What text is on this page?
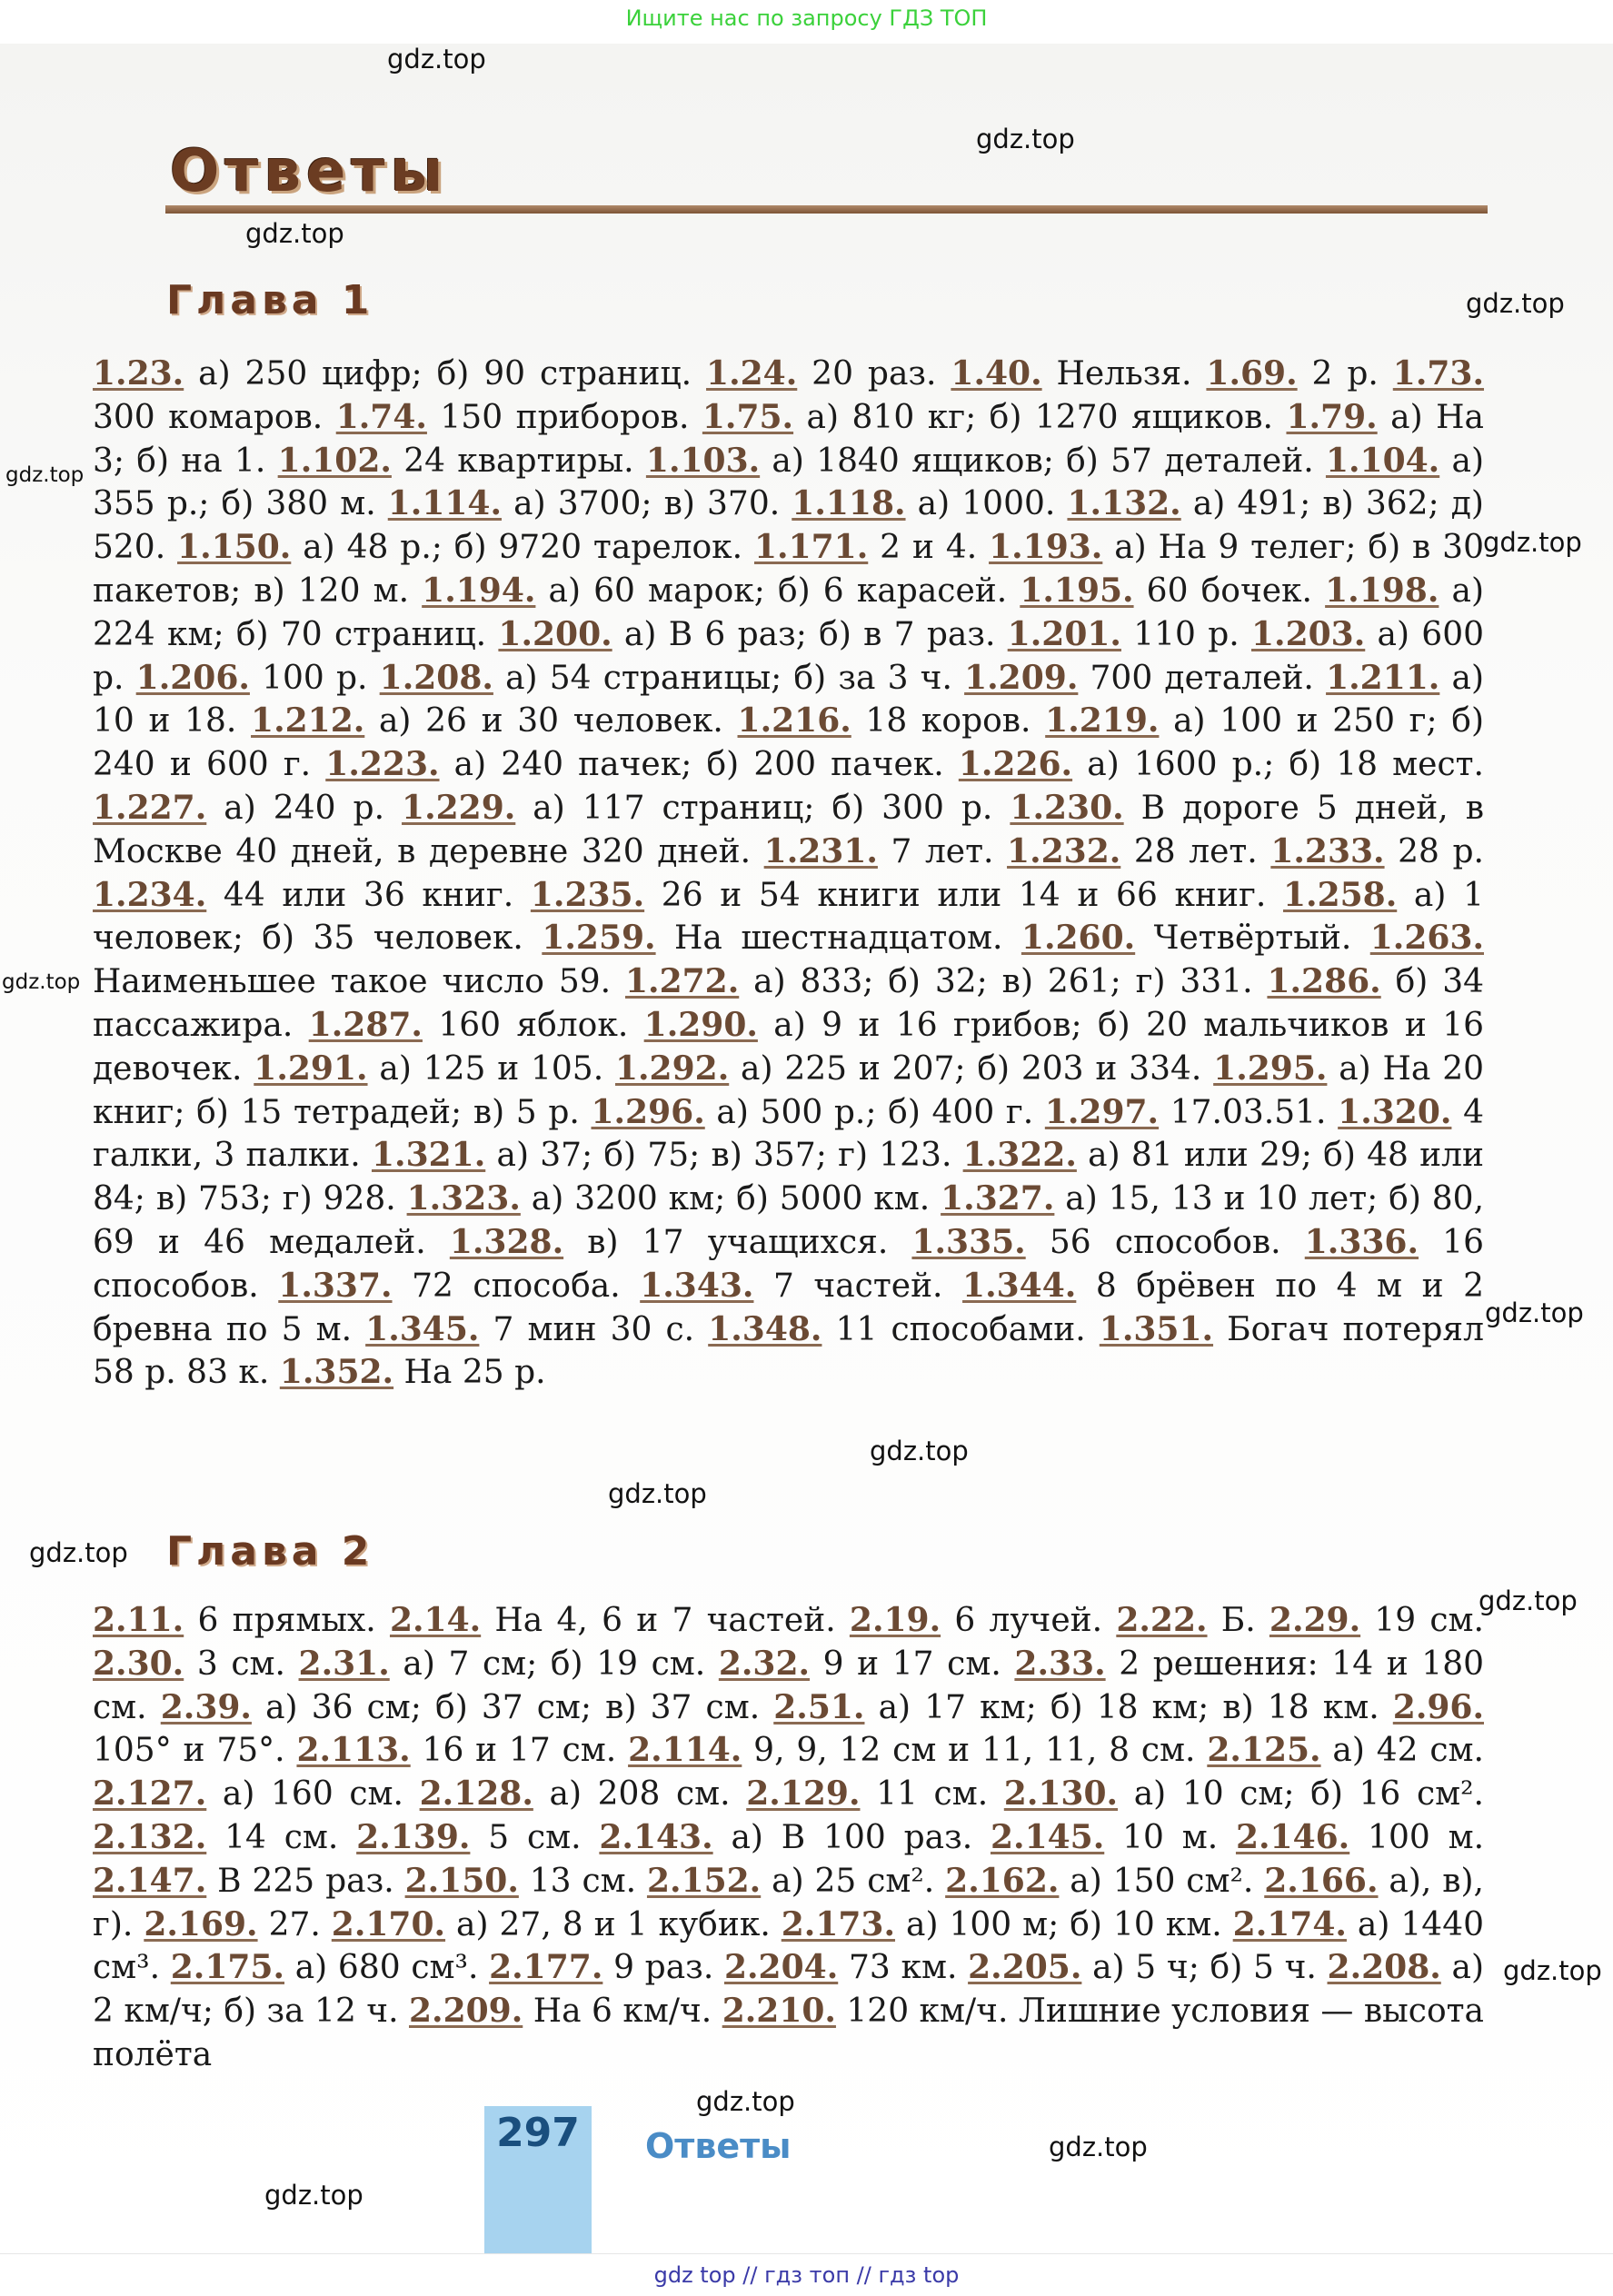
Ищите нас по запросу ГДЗ ТОП
Ответы
Глава 1
1.23. а) 250 цифр; б) 90 страниц. 1.24. 20 раз. 1.40. Нельзя. 1.69. 2 р. 1.73. 300 комаров. 1.74. 150 приборов. 1.75. а) 810 кг; б) 1270 ящиков. 1.79. а) На 3; б) на 1. 1.102. 24 квартиры. 1.103. а) 1840 ящиков; б) 57 деталей. 1.104. а) 355 р.; б) 380 м. 1.114. а) 3700; в) 370. 1.118. а) 1000. 1.132. а) 491; в) 362; д) 520. 1.150. а) 48 р.; б) 9720 тарелок. 1.171. 2 и 4. 1.193. а) На 9 телег; б) в 30 пакетов; в) 120 м. 1.194. а) 60 марок; б) 6 карасей. 1.195. 60 бочек. 1.198. а) 224 км; б) 70 страниц. 1.200. а) В 6 раз; б) в 7 раз. 1.201. 110 р. 1.203. а) 600 р. 1.206. 100 р. 1.208. а) 54 страницы; б) за 3 ч. 1.209. 700 деталей. 1.211. а) 10 и 18. 1.212. а) 26 и 30 человек. 1.216. 18 коров. 1.219. а) 100 и 250 г; б) 240 и 600 г. 1.223. а) 240 пачек; б) 200 пачек. 1.226. а) 1600 р.; б) 18 мест. 1.227. а) 240 р. 1.229. а) 117 страниц; б) 300 р. 1.230. В дороге 5 дней, в Москве 40 дней, в деревне 320 дней. 1.231. 7 лет. 1.232. 28 лет. 1.233. 28 р. 1.234. 44 или 36 книг. 1.235. 26 и 54 книги или 14 и 66 книг. 1.258. а) 1 человек; б) 35 человек. 1.259. На шестнадцатом. 1.260. Четвёртый. 1.263. Наименьшее такое число 59. 1.272. а) 833; б) 32; в) 261; г) 331. 1.286. б) 34 пассажира. 1.287. 160 яблок. 1.290. а) 9 и 16 грибов; б) 20 мальчиков и 16 девочек. 1.291. а) 125 и 105. 1.292. а) 225 и 207; б) 203 и 334. 1.295. а) На 20 книг; б) 15 тетрадей; в) 5 р. 1.296. а) 500 р.; б) 400 г. 1.297. 17.03.51. 1.320. 4 галки, 3 палки. 1.321. а) 37; б) 75; в) 357; г) 123. 1.322. а) 81 или 29; б) 48 или 84; в) 753; г) 928. 1.323. а) 3200 км; б) 5000 км. 1.327. а) 15, 13 и 10 лет; б) 80, 69 и 46 медалей. 1.328. в) 17 учащихся. 1.335. 56 способов. 1.336. 16 способов. 1.337. 72 способа. 1.343. 7 частей. 1.344. 8 брёвен по 4 м и 2 бревна по 5 м. 1.345. 7 мин 30 с. 1.348. 11 способами. 1.351. Богач потерял 58 р. 83 к. 1.352. На 25 р.
Глава 2
2.11. 6 прямых. 2.14. На 4, 6 и 7 частей. 2.19. 6 лучей. 2.22. Б. 2.29. 19 см. 2.30. 3 см. 2.31. а) 7 см; б) 19 см. 2.32. 9 и 17 см. 2.33. 2 решения: 14 и 180 см. 2.39. а) 36 см; б) 37 см; в) 37 см. 2.51. а) 17 км; б) 18 км; в) 18 км. 2.96. 105° и 75°. 2.113. 16 и 17 см. 2.114. 9, 9, 12 см и 11, 11, 8 см. 2.125. а) 42 см. 2.127. а) 160 см. 2.128. а) 208 см. 2.129. 11 см. 2.130. а) 10 см; б) 16 см². 2.132. 14 см. 2.139. 5 см. 2.143. а) В 100 раз. 2.145. 10 м. 2.146. 100 м. 2.147. В 225 раз. 2.150. 13 см. 2.152. а) 25 см². 2.162. а) 150 см². 2.166. а), в), г). 2.169. 27. 2.170. а) 27, 8 и 1 кубик. 2.173. а) 100 м; б) 10 км. 2.174. а) 1440 см³. 2.175. а) 680 см³. 2.177. 9 раз. 2.204. 73 км. 2.205. а) 5 ч; б) 5 ч. 2.208. а) 2 км/ч; б) за 12 ч. 2.209. На 6 км/ч. 2.210. 120 км/ч. Лишние условия — высота полёта
297	Ответы
gdz.top
gdz.top
gdz.top
gdz.top
gdz.top
gdz.top
gdz.top
gdz.top
gdz.top
gdz.top
gdz.top
gdz.top
gdz.top
gdz.top
gdz.top
gdz.top
gdz top // гдз топ // гдз top
